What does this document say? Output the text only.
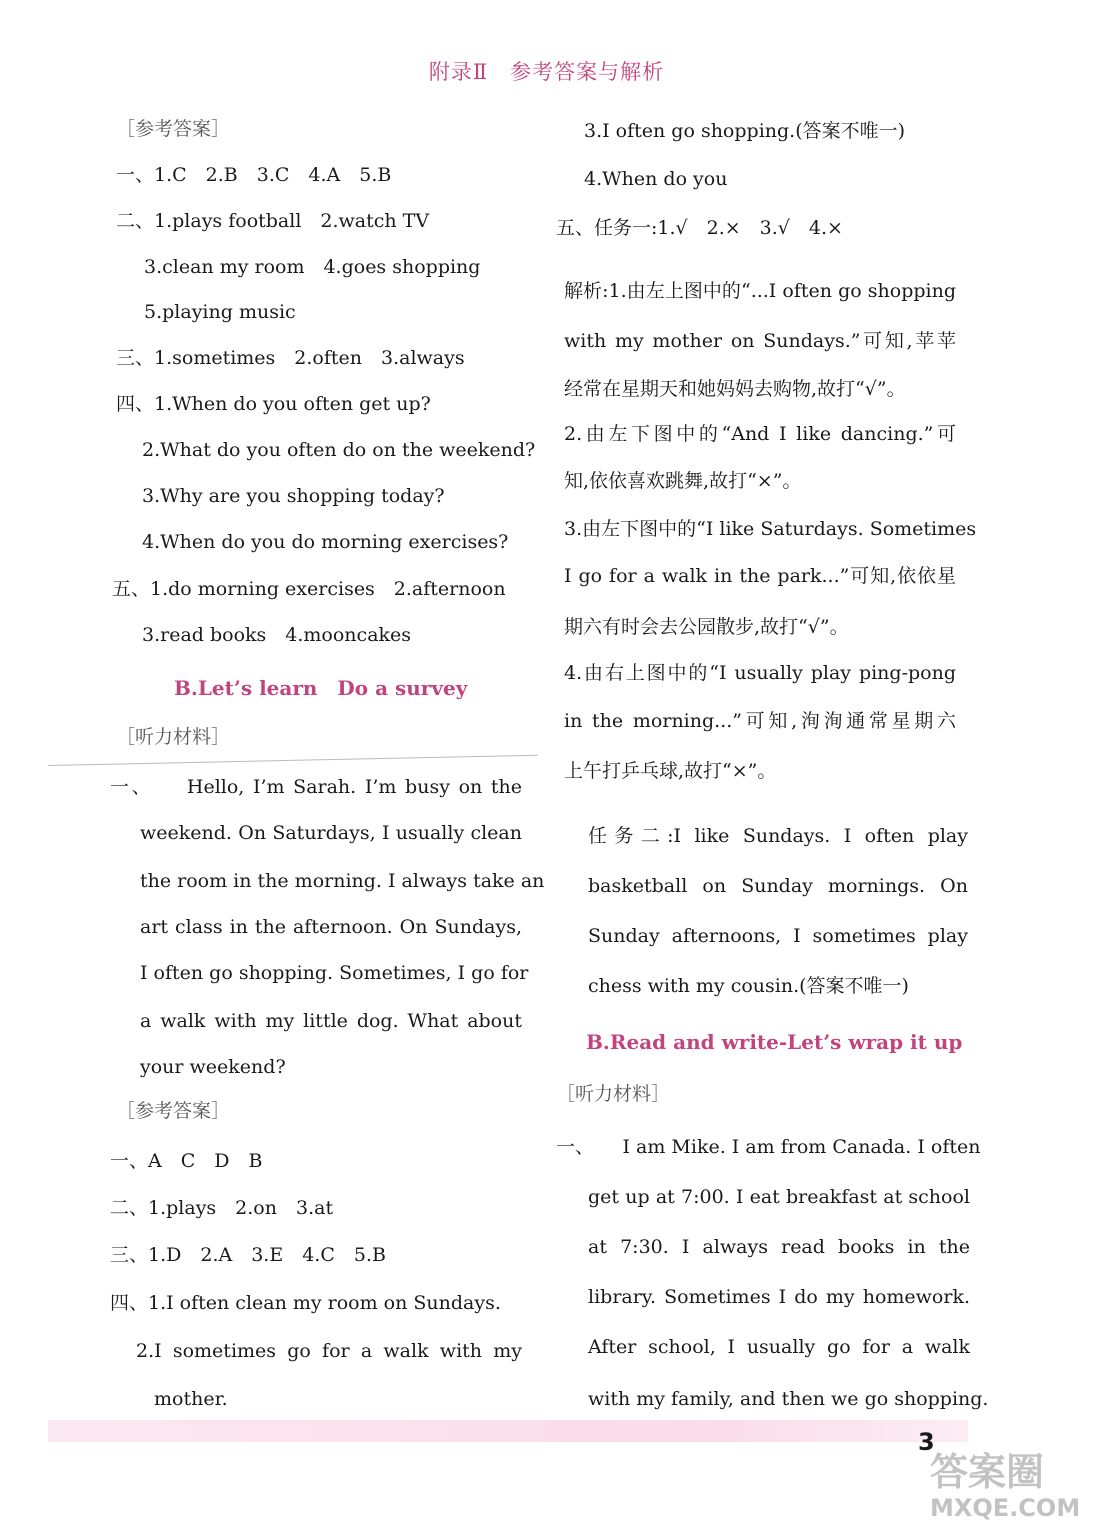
附录Ⅱ　参考答案与解析
［参考答案］
一、1.C　2.B　3.C　4.A　5.B
二、1.plays football　2.watch TV
3.clean my room　4.goes shopping
5.playing music
三、1.sometimes　2.often　3.always
四、1.When do you often get up?
2.What do you often do on the weekend?
3.Why are you shopping today?
4.When do you do morning exercises?
五、1.do morning exercises　2.afternoon
3.read books　4.mooncakes
B.Let’s learn　Do a survey
［听力材料］
一、　　Hello, I’m Sarah. I’m busy on the
weekend. On Saturdays, I usually clean
the room in the morning. I always take an
art class in the afternoon. On Sundays,
I often go shopping. Sometimes, I go for
a walk with my little dog. What about
your weekend?
［参考答案］
一、A　C　D　B
二、1.plays　2.on　3.at
三、1.D　2.A　3.E　4.C　5.B
四、1.I often clean my room on Sundays.
2.I sometimes go for a walk with my
mother.
3.I often go shopping.(答案不唯一)
4.When do you
五、任务一:1.√　2.×　3.√　4.×
解析:1.由左上图中的“...I often go shopping
with my mother on Sundays.”可知,苹苹
经常在星期天和她妈妈去购物,故打“√”。
2.由左下图中的“And I like dancing.”可
知,依依喜欢跳舞,故打“×”。
3.由左下图中的“I like Saturdays. Sometimes
I go for a walk in the park...”可知,依依星
期六有时会去公园散步,故打“√”。
4.由右上图中的“I usually play ping-pong
in the morning...”可知,洵洵通常星期六
上午打乒乓球,故打“×”。
任务二:I like Sundays. I often play
basketball on Sunday mornings. On
Sunday afternoons, I sometimes play
chess with my cousin.(答案不唯一)
B.Read and write-Let’s wrap it up
［听力材料］
一、　　I am Mike. I am from Canada. I often
get up at 7:00. I eat breakfast at school
at 7:30. I always read books in the
library. Sometimes I do my homework.
After school, I usually go for a walk
with my family, and then we go shopping.
3
答案圈
MXQE.COM
